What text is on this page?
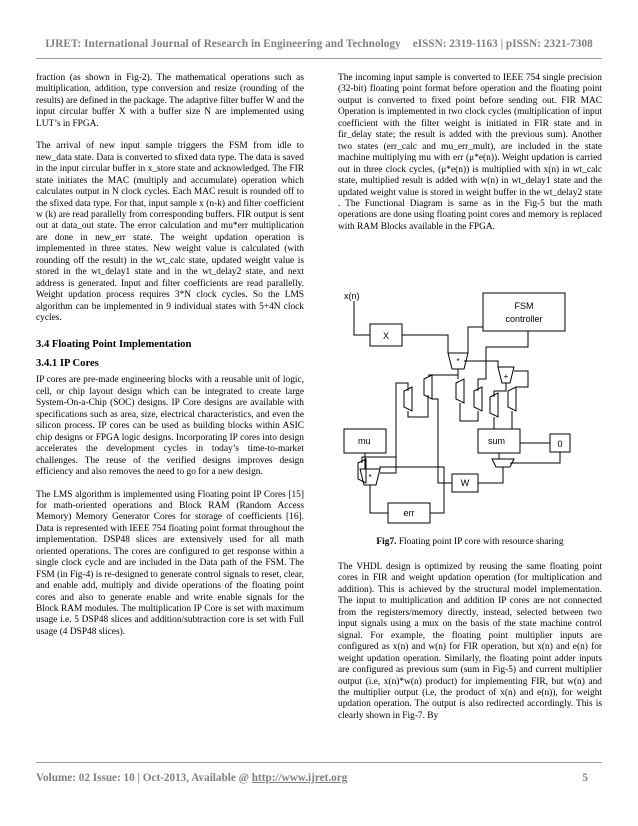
IJRET: International Journal of Research in Engineering and Technology eISSN: 2319-1163 | pISSN: 2321-7308

fraction (as shown in Fig-2). The mathematical operations such as multiplication, addition, type conversion and resize (rounding of the results) are defined in the package. The adaptive filter buffer W and the input circular buffer X with a buffer size N are implemented using LUT’s in FPGA.

The arrival of new input sample triggers the FSM from idle to new_data state. Data is converted to sfixed data type. The data is saved in the input circular buffer in x_store state and acknowledged. The FIR state initiates the MAC (multiply and accumulate) operation which calculates output in N clock cycles. Each MAC result is rounded off to the sfixed data type. For that, input sample x (n-k) and filter coefficient w (k) are read parallelly from corresponding buffers. FIR output is sent out at data_out state. The error calculation and mu*err multiplication are done in new_err state. The weight updation operation is implemented in three states. New weight value is calculated (with rounding off the result) in the wt_calc state, updated weight value is stored in the wt_delay1 state and in the wt_delay2 state, and next address is generated. Input and filter coefficients are read parallelly. Weight updation process requires 3*N clock cycles. So the LMS algorithm can be implemented in 9 individual states with 5+4N clock cycles.

3.4 Floating Point Implementation
3.4.1 IP Cores

IP cores are pre-made engineering blocks with a reusable unit of logic, cell, or chip layout design which can be integrated to create large System-On-a-Chip (SOC) designs. IP Core designs are available with specifications such as area, size, electrical characteristics, and even the silicon process. IP cores can be used as building blocks within ASIC chip designs or FPGA logic designs. Incorporating IP cores into design accelerates the development cycles in today’s time-to-market challenges. The reuse of the verified designs improves design efficiency and also removes the need to go for a new design.

The LMS algorithm is implemented using Floating point IP Cores [15] for math-oriented operations and Block RAM (Random Access Memory) Memory Generator Cores for storage of coefficients [16]. Data is represented with IEEE 754 floating point format throughout the implementation. DSP48 slices are extensively used for all math oriented operations. The cores are configured to get response within a single clock cycle and are included in the Data path of the FSM. The FSM (in Fig-4) is re-designed to generate control signals to reset, clear, and enable add, multiply and divide operations of the floating point cores and also to generate enable and write enable signals for the Block RAM modules. The multiplication IP Core is set with maximum usage i.e. 5 DSP48 slices and addition/subtraction core is set with Full usage (4 DSP48 slices).

The incoming input sample is converted to IEEE 754 single precision (32-bit) floating point format before operation and the floating point output is converted to fixed point before sending out. FIR MAC Operation is implemented in two clock cycles (multiplication of input coefficient with the filter weight is initiated in FIR state and in fir_delay state; the result is added with the previous sum). Another two states (err_calc and mu_err_mult), are included in the state machine multiplying mu with err (μ*e(n)). Weight updation is carried out in three clock cycles, (μ*e(n)) is multiplied with x(n) in wt_calc state, multiplied result is added with w(n) in wt_delay1 state and the updated weight value is stored in weight buffer in the wt_delay2 state . The Functional Diagram is same as in the Fig-5 but the math operations are done using floating point cores and memory is replaced with RAM Blocks available in the FPGA.

x(n)
FSM
controller
X
mu	sum	0
W
err
*
+
*
Fig7. Floating point IP core with resource sharing

The VHDL design is optimized by reusing the same floating point cores in FIR and weight updation operation (for multiplication and addition). This is achieved by the structural model implementation. The input to multiplication and addition IP cores are not connected from the registers/memory directly, instead, selected between two input signals using a mux on the basis of the state machine control signal. For example, the floating point multiplier inputs are configured as x(n) and w(n) for FIR operation, but x(n) and e(n) for weight updation operation. Similarly, the floating point adder inputs are configured as previous sum (sum in Fig-5) and current multiplier output (i.e, x(n)*w(n) product) for implementing FIR, but w(n) and the multiplier output (i.e, the product of x(n) and e(n)), for weight updation operation. The output is also redirected accordingly. This is clearly shown in Fig-7. By

Volume: 02 Issue: 10 | Oct-2013, Available @ http://www.ijret.org	5
